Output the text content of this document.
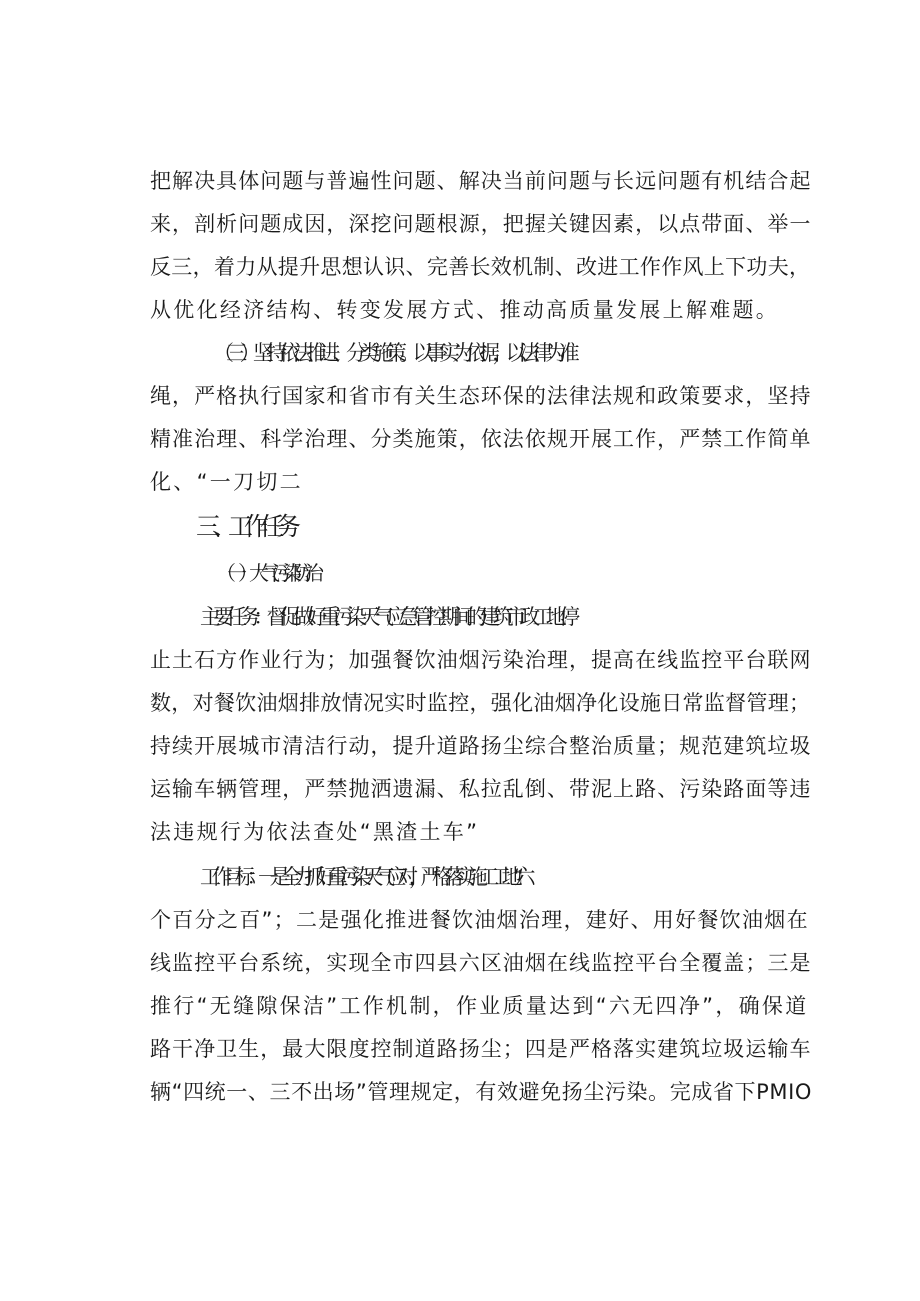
把解决具体问题与普遍性问题、解决当前问题与长远问题有机结合起
来，剖析问题成因，深挖问题根源，把握关键因素，以点带面、举一
反三，着力从提升思想认识、完善长效机制、改进工作作风上下功夫，
从优化经济结构、转变发展方式、推动高质量发展上解难题。
（三）坚持依法推进、分类施策。以事实为依据，以法律为准
绳，严格执行国家和省市有关生态环保的法律法规和政策要求，坚持
精准治理、科学治理、分类施策，依法依规开展工作，严禁工作简单
化、“一刀切二
三、工作任务
（一）大气污染防治
主要任务：督促做好重污染天气应急管控期间的建筑市政工地停
止土石方作业行为；加强餐饮油烟污染治理，提高在线监控平台联网
数，对餐饮油烟排放情况实时监控，强化油烟净化设施日常监督管理；
持续开展城市清洁行动，提升道路扬尘综合整治质量；规范建筑垃圾
运输车辆管理，严禁抛洒遗漏、私拉乱倒、带泥上路、污染路面等违
法违规行为依法查处“黑渣土车”
工作目标：一是全力抓好重污染天气应对，严格落实施工工地“六
个百分之百”；二是强化推进餐饮油烟治理，建好、用好餐饮油烟在
线监控平台系统，实现全市四县六区油烟在线监控平台全覆盖；三是
推行“无缝隙保洁”工作机制，作业质量达到“六无四净”，确保道
路干净卫生，最大限度控制道路扬尘；四是严格落实建筑垃圾运输车
辆“四统一、三不出场”管理规定，有效避免扬尘污染。完成省下PMIO
